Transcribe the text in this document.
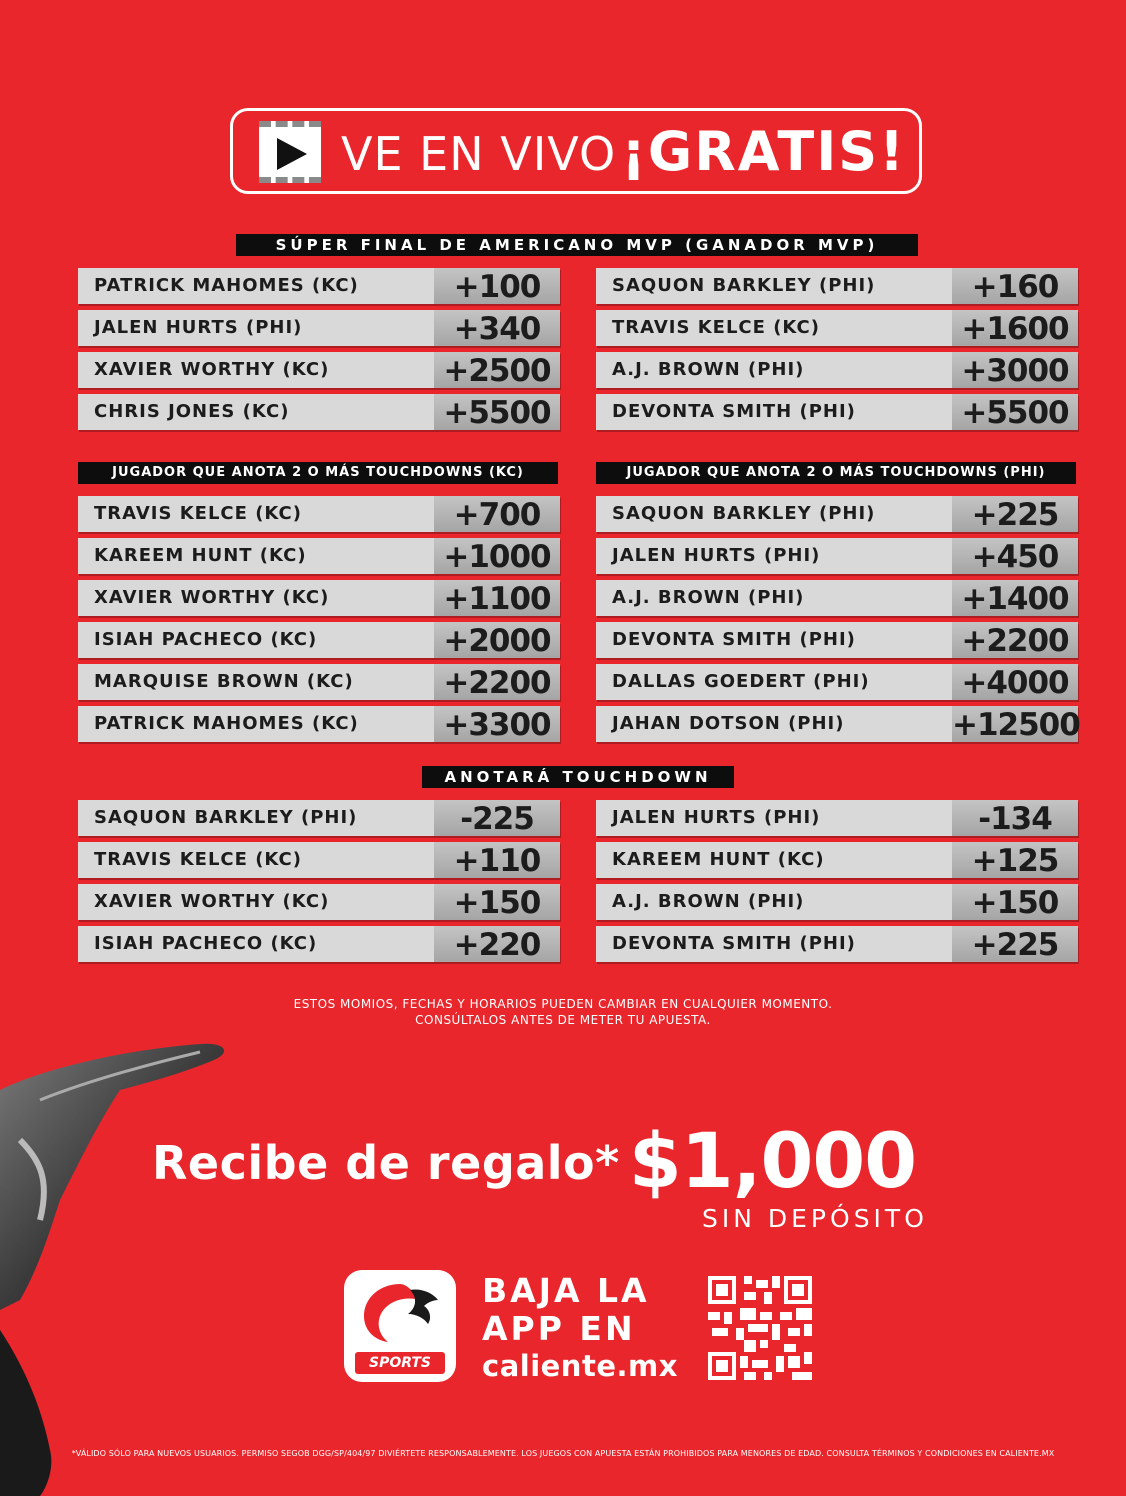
VE EN VIVO ¡GRATIS!
SÚPER FINAL DE AMERICANO MVP (GANADOR MVP)
JUGADOR QUE ANOTA 2 O MÁS TOUCHDOWNS (KC)	JUGADOR QUE ANOTA 2 O MÁS TOUCHDOWNS (PHI)
ANOTARÁ TOUCHDOWN
PATRICK MAHOMES (KC)	+100
JALEN HURTS (PHI)	+340
XAVIER WORTHY (KC)	+2500
CHRIS JONES (KC)	+5500
SAQUON BARKLEY (PHI)	+160
TRAVIS KELCE (KC)	+1600
A.J. BROWN (PHI)	+3000
DEVONTA SMITH (PHI)	+5500
TRAVIS KELCE (KC)	+700
KAREEM HUNT (KC)	+1000
XAVIER WORTHY (KC)	+1100
ISIAH PACHECO (KC)	+2000
MARQUISE BROWN (KC)	+2200
PATRICK MAHOMES (KC)	+3300
SAQUON BARKLEY (PHI)	+225
JALEN HURTS (PHI)	+450
A.J. BROWN (PHI)	+1400
DEVONTA SMITH (PHI)	+2200
DALLAS GOEDERT (PHI)	+4000
JAHAN DOTSON (PHI)	+12500
SAQUON BARKLEY (PHI)	-225
TRAVIS KELCE (KC)	+110
XAVIER WORTHY (KC)	+150
ISIAH PACHECO (KC)	+220
JALEN HURTS (PHI)	-134
KAREEM HUNT (KC)	+125
A.J. BROWN (PHI)	+150
DEVONTA SMITH (PHI)	+225
ESTOS MOMIOS, FECHAS Y HORARIOS PUEDEN CAMBIAR EN CUALQUIER MOMENTO.
CONSÚLTALOS ANTES DE METER TU APUESTA.
Recibe de regalo* $1,000
SIN DEPÓSITO
SPORTS
BAJA LA
APP EN
caliente.mx
*VÁLIDO SÓLO PARA NUEVOS USUARIOS. PERMISO SEGOB DGG/SP/404/97 DIVIÉRTETE RESPONSABLEMENTE. LOS JUEGOS CON APUESTA ESTÁN PROHIBIDOS PARA MENORES DE EDAD. CONSULTA TÉRMINOS Y CONDICIONES EN CALIENTE.MX
